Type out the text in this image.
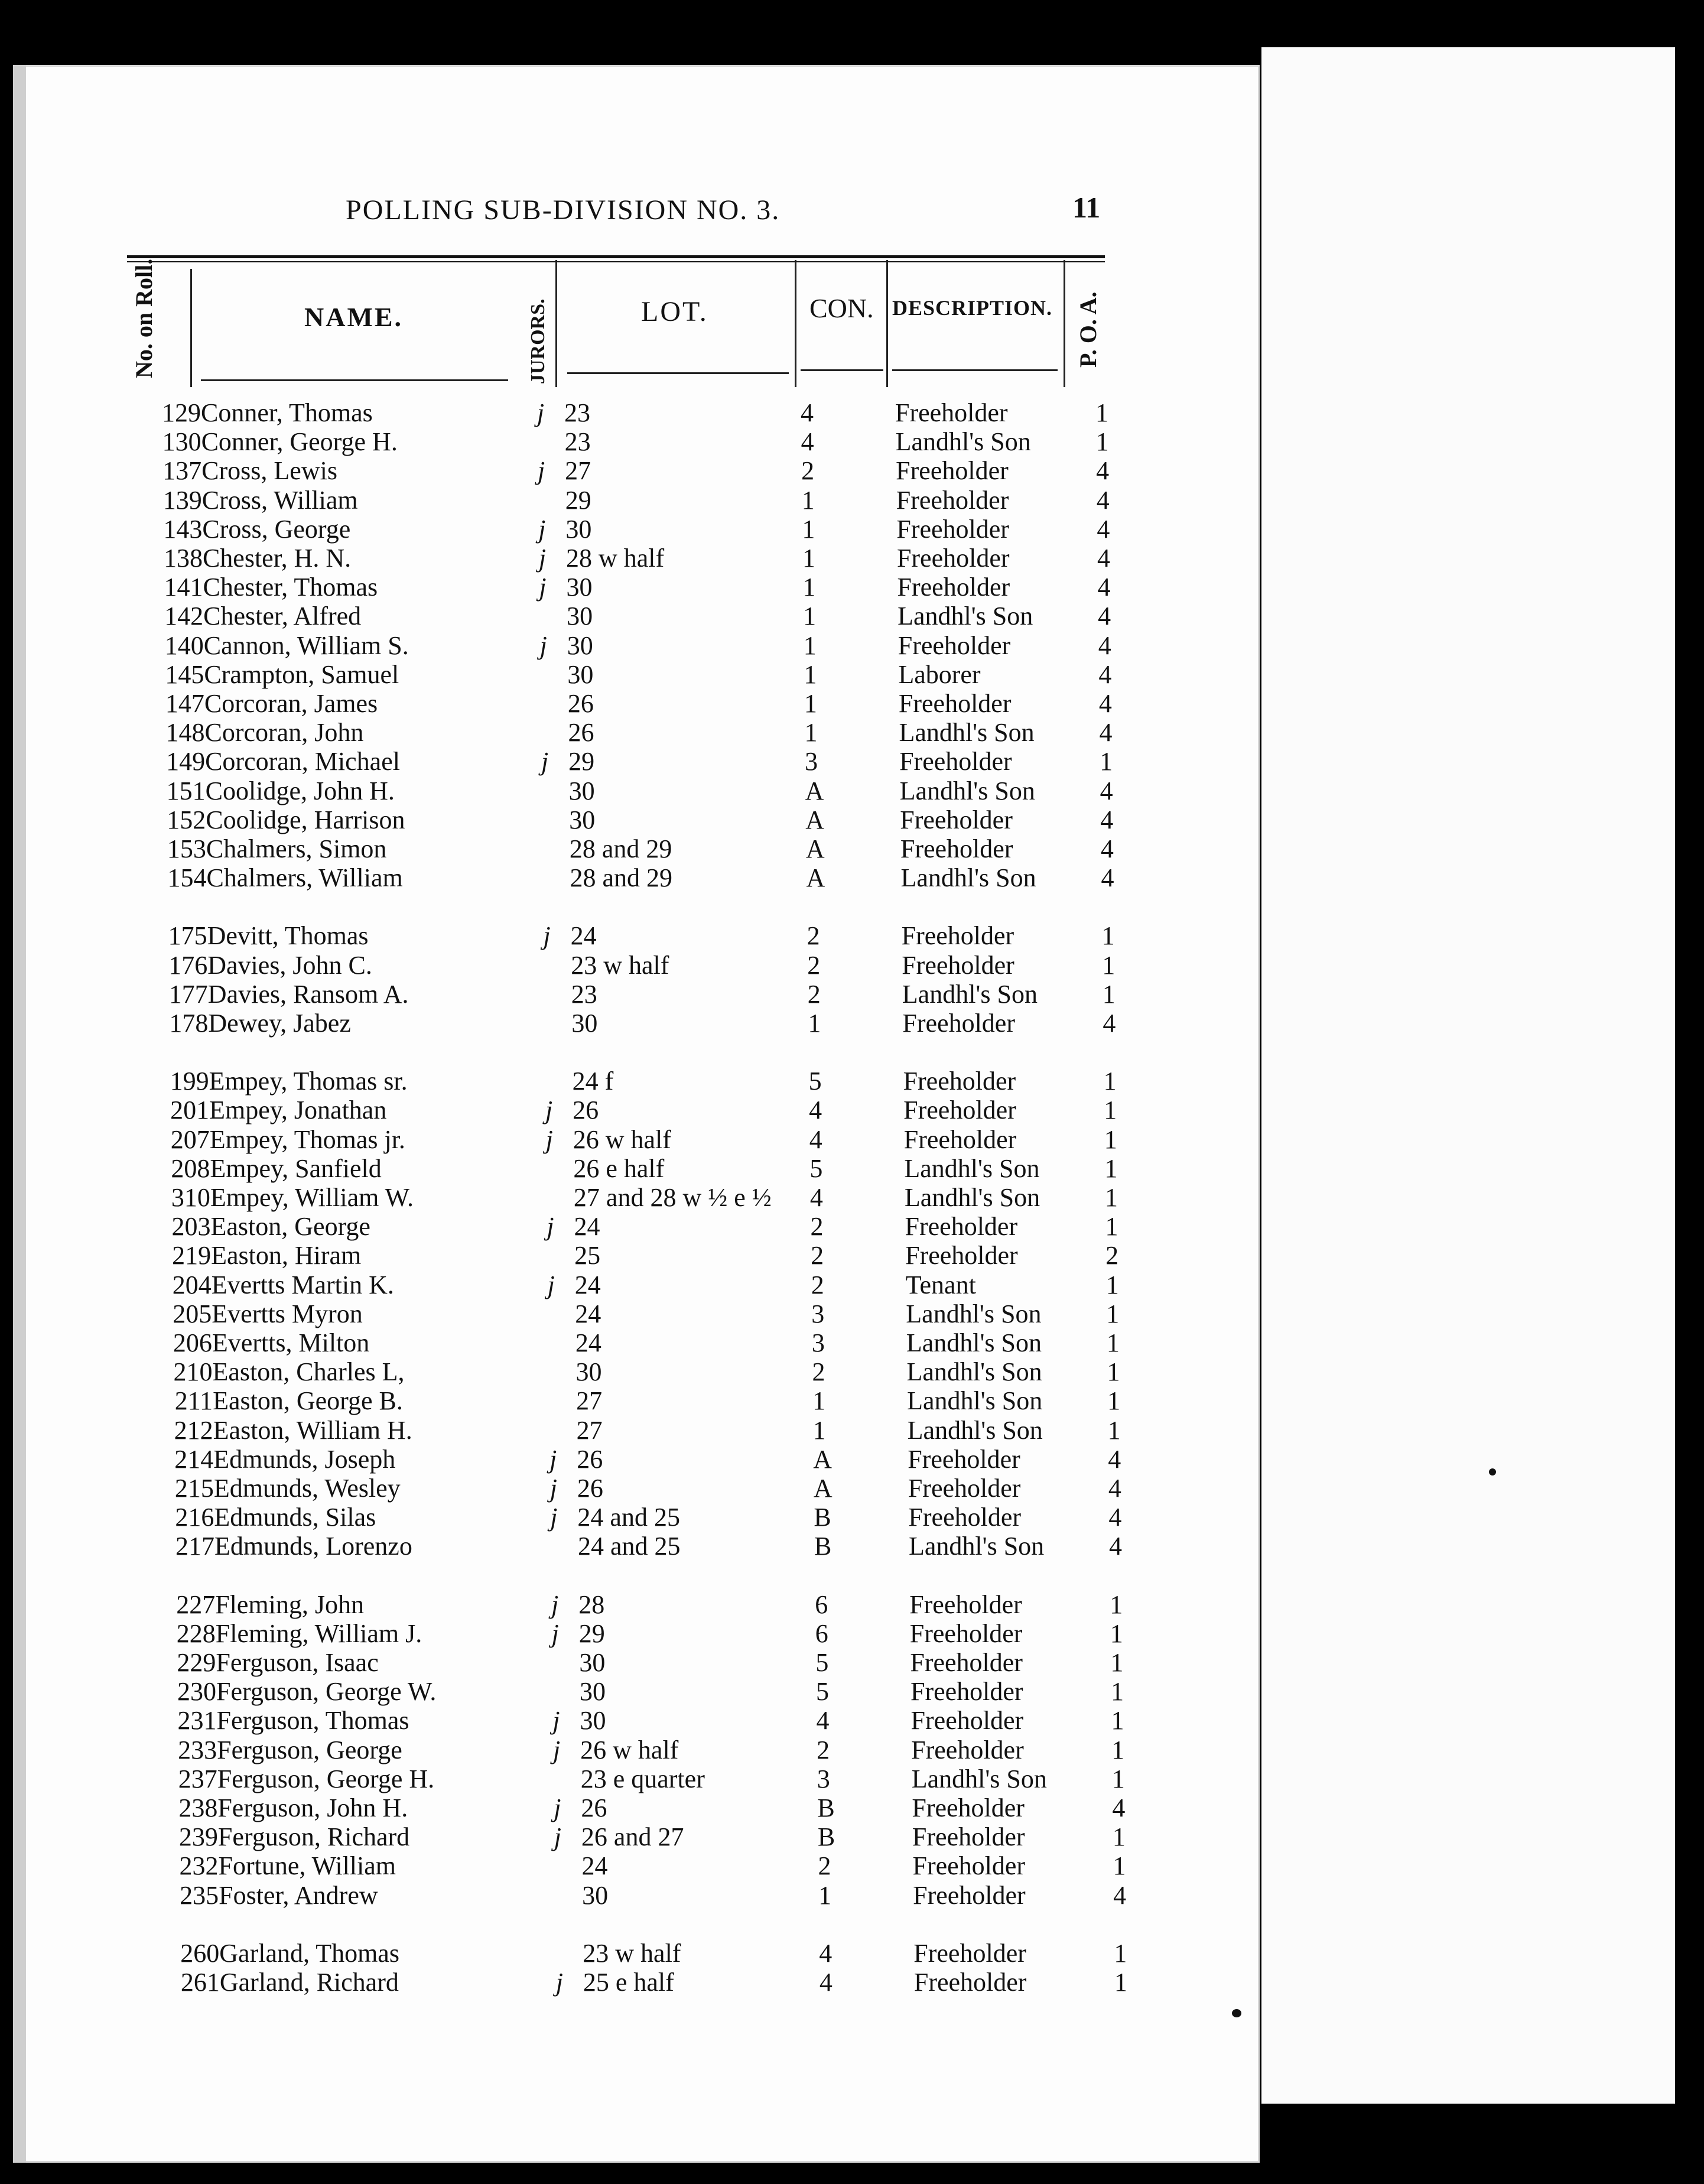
POLLING SUB-DIVISION NO. 3.	11
No. on Roll.	NAME.	JURORS.	LOT.	CON. DESCRIPTION. P. O. A.
129 Conner, Thomas	j 23	4	Freeholder	1
130 Conner, George H.	23	4	Landhl's Son 1
137 Cross, Lewis	j 27	2	Freeholder	4
139 Cross, William	29	1	Freeholder	4
143 Cross, George	j 30	1	Freeholder	4
138 Chester, H. N.	j 28 w half	1	Freeholder	4
141 Chester, Thomas	j 30	1	Freeholder	4
142 Chester, Alfred	30	1	Landhl's Son 4
140 Cannon, William S.	j 30	1	Freeholder	4
145 Crampton, Samuel	30	1	Laborer	4
147 Corcoran, James	26	1	Freeholder	4
148 Corcoran, John	26	1	Landhl's Son 4
149 Corcoran, Michael	j 29	3	Freeholder	1
151 Coolidge, John H.	30	A	Landhl's Son 4
152 Coolidge, Harrison	30	A	Freeholder	4
153 Chalmers, Simon	28 and 29	A	Freeholder	4
154 Chalmers, William	28 and 29	A	Landhl's Son 4
175 Devitt, Thomas	j 24	2	Freeholder	1
176 Davies, John C.	23 w half	2	Freeholder	1
177 Davies, Ransom A.	23	2	Landhl's Son 1
178 Dewey, Jabez	30	1	Freeholder	4
199 Empey, Thomas sr.	24 f	5	Freeholder	1
201 Empey, Jonathan	j 26	4	Freeholder	1
207 Empey, Thomas jr.	j 26 w half	4	Freeholder	1
208 Empey, Sanfield	26 e half	5	Landhl's Son 1
310 Empey, William W.	27 and 28 w ½ e ½ 4	Landhl's Son 1
203 Easton, George	j 24	2	Freeholder	1
219 Easton, Hiram	25	2	Freeholder	2
204 Evertts Martin K.	j 24	2	Tenant	1
205 Evertts Myron	24	3	Landhl's Son 1
206 Evertts, Milton	24	3	Landhl's Son 1
210 Easton, Charles L,	30	2	Landhl's Son 1
211 Easton, George B.	27	1	Landhl's Son 1
212 Easton, William H.	27	1	Landhl's Son 1
214 Edmunds, Joseph	j 26	A	Freeholder	4
215 Edmunds, Wesley	j 26	A	Freeholder	4
216 Edmunds, Silas	j 24 and 25	B	Freeholder	4
217 Edmunds, Lorenzo	24 and 25	B	Landhl's Son 4
227 Fleming, John	j 28	6	Freeholder	1
228 Fleming, William J.	j 29	6	Freeholder	1
229 Ferguson, Isaac	30	5	Freeholder	1
230 Ferguson, George W.	30	5	Freeholder	1
231 Ferguson, Thomas	j 30	4	Freeholder	1
233 Ferguson, George	j 26 w half	2	Freeholder	1
237 Ferguson, George H.	23 e quarter	3	Landhl's Son 1
238 Ferguson, John H.	j 26	B	Freeholder	4
239 Ferguson, Richard	j 26 and 27	B	Freeholder	1
232 Fortune, William	24	2	Freeholder	1
235 Foster, Andrew	30	1	Freeholder	4
260 Garland, Thomas	23 w half	4	Freeholder	1
261 Garland, Richard	j 25 e half	4	Freeholder	1
